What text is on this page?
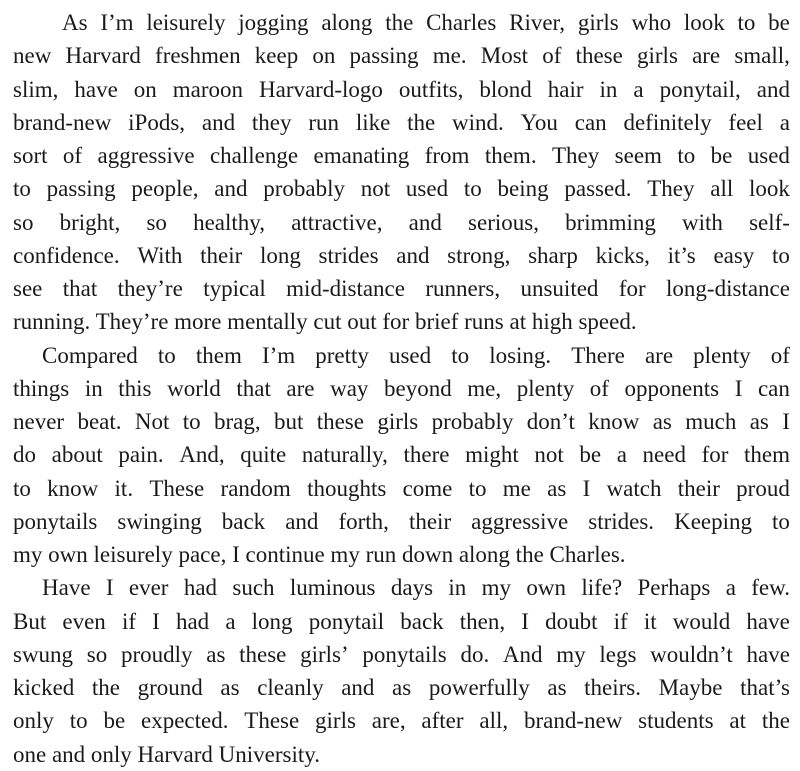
As I’m leisurely jogging along the Charles River, girls who look to be
new Harvard freshmen keep on passing me. Most of these girls are small,
slim, have on maroon Harvard-logo outfits, blond hair in a ponytail, and
brand-new iPods, and they run like the wind. You can definitely feel a
sort of aggressive challenge emanating from them. They seem to be used
to passing people, and probably not used to being passed. They all look
so bright, so healthy, attractive, and serious, brimming with self-
confidence. With their long strides and strong, sharp kicks, it’s easy to
see that they’re typical mid-distance runners, unsuited for long-distance
running. They’re more mentally cut out for brief runs at high speed.
Compared to them I’m pretty used to losing. There are plenty of
things in this world that are way beyond me, plenty of opponents I can
never beat. Not to brag, but these girls probably don’t know as much as I
do about pain. And, quite naturally, there might not be a need for them
to know it. These random thoughts come to me as I watch their proud
ponytails swinging back and forth, their aggressive strides. Keeping to
my own leisurely pace, I continue my run down along the Charles.
Have I ever had such luminous days in my own life? Perhaps a few.
But even if I had a long ponytail back then, I doubt if it would have
swung so proudly as these girls’ ponytails do. And my legs wouldn’t have
kicked the ground as cleanly and as powerfully as theirs. Maybe that’s
only to be expected. These girls are, after all, brand-new students at the
one and only Harvard University.
